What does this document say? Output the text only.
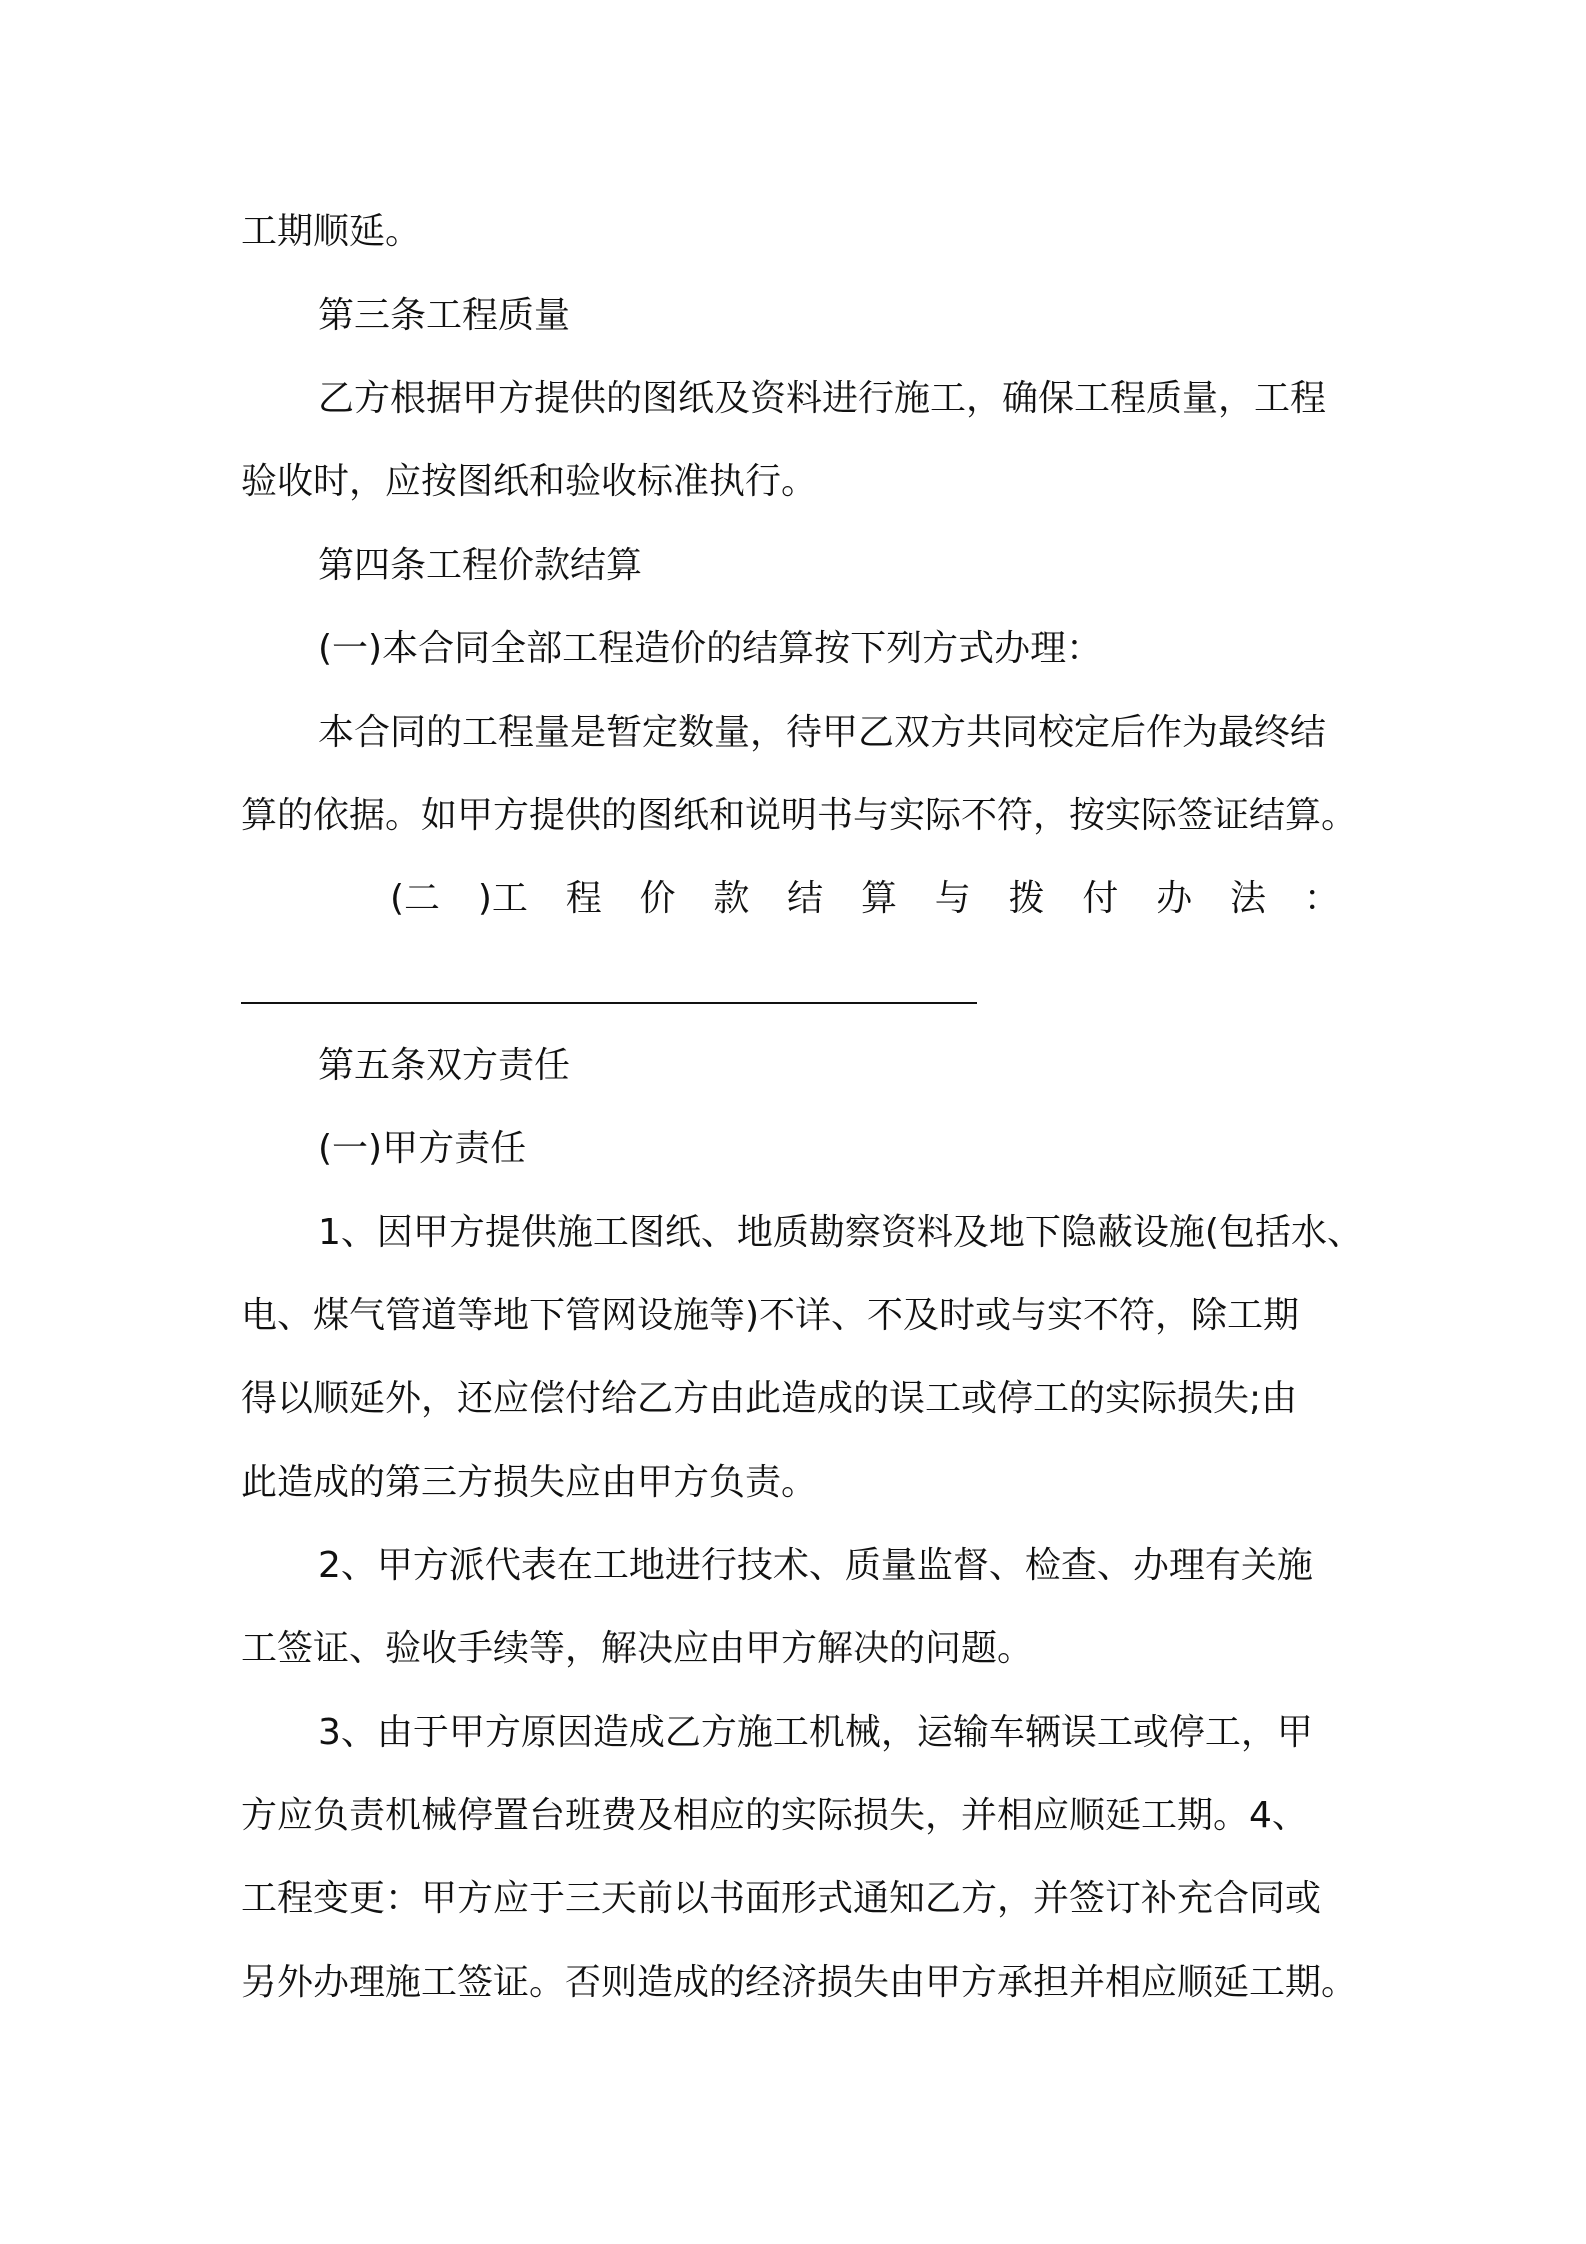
工期顺延。
第三条工程质量
乙方根据甲方提供的图纸及资料进行施工，确保工程质量，工程
验收时，应按图纸和验收标准执行。
第四条工程价款结算
(一)本合同全部工程造价的结算按下列方式办理：
本合同的工程量是暂定数量，待甲乙双方共同校定后作为最终结
算的依据。如甲方提供的图纸和说明书与实际不符，按实际签证结算。
(二 )工 程 价 款 结 算 与 拨 付 办 法 ：
第五条双方责任
(一)甲方责任
1、因甲方提供施工图纸、地质勘察资料及地下隐蔽设施(包括水、
电、煤气管道等地下管网设施等)不详、不及时或与实不符，除工期
得以顺延外，还应偿付给乙方由此造成的误工或停工的实际损失;由
此造成的第三方损失应由甲方负责。
2、甲方派代表在工地进行技术、质量监督、检查、办理有关施
工签证、验收手续等，解决应由甲方解决的问题。
3、由于甲方原因造成乙方施工机械，运输车辆误工或停工，甲
方应负责机械停置台班费及相应的实际损失，并相应顺延工期。4、
工程变更：甲方应于三天前以书面形式通知乙方，并签订补充合同或
另外办理施工签证。否则造成的经济损失由甲方承担并相应顺延工期。
